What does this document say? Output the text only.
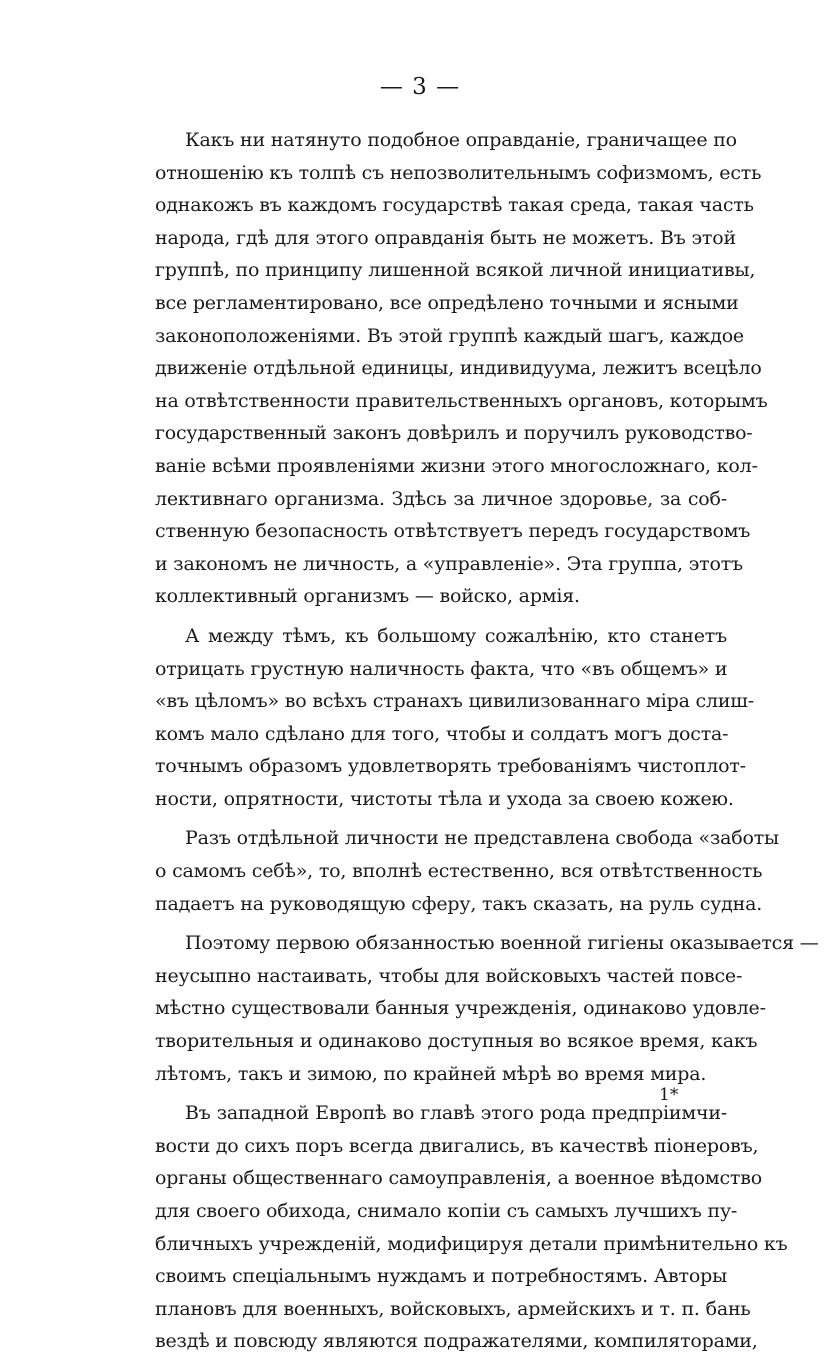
— 3 —
Какъ ни натянуто подобное оправданіе, граничащее по
отношенію къ толпѣ съ непозволительнымъ софизмомъ, есть
однакожъ въ каждомъ государствѣ такая среда, такая часть
народа, гдѣ для этого оправданія быть не можетъ. Въ этой
группѣ, по принципу лишенной всякой личной инициативы,
все регламентировано, все опредѣлено точными и ясными
законоположеніями. Въ этой группѣ каждый шагъ, каждое
движеніе отдѣльной единицы, индивидуума, лежитъ всецѣло
на отвѣтственности правительственныхъ органовъ, которымъ
государственный законъ довѣрилъ и поручилъ руководство-
ваніе всѣми проявленіями жизни этого многосложнаго, кол-
лективнаго организма. Здѣсь за личное здоровье, за соб-
ственную безопасность отвѣтствуетъ передъ государствомъ
и закономъ не личность, а «управленіе». Эта группа, этотъ
коллективный организмъ — войско, армія.
А между тѣмъ, къ большому сожалѣнію, кто станетъ
отрицать грустную наличность факта, что «въ общемъ» и
«въ цѣломъ» во всѣхъ странахъ цивилизованнаго міра слиш-
комъ мало сдѣлано для того, чтобы и солдатъ могъ доста-
точнымъ образомъ удовлетворять требованіямъ чистоплот-
ности, опрятности, чистоты тѣла и ухода за своею кожею.
Разъ отдѣльной личности не представлена свобода «заботы
о самомъ себѣ», то, вполнѣ естественно, вся отвѣтственность
падаетъ на руководящую сферу, такъ сказать, на руль судна.
Поэтому первою обязанностью военной гигіены оказывается —
неусыпно настаивать, чтобы для войсковыхъ частей повсе-
мѣстно существовали банныя учрежденія, одинаково удовле-
творительныя и одинаково доступныя во всякое время, какъ
лѣтомъ, такъ и зимою, по крайней мѣрѣ во время мира.
Въ западной Европѣ во главѣ этого рода предпріимчи-
вости до сихъ поръ всегда двигались, въ качествѣ піонеровъ,
органы общественнаго самоуправленія, а военное вѣдомство
для своего обихода, снимало копіи съ самыхъ лучшихъ пу-
бличныхъ учрежденій, модифицируя детали примѣнительно къ
своимъ спеціальнымъ нуждамъ и потребностямъ. Авторы
плановъ для военныхъ, войсковыхъ, армейскихъ и т. п. бань
вездѣ и повсюду являются подражателями, компиляторами,
1*
